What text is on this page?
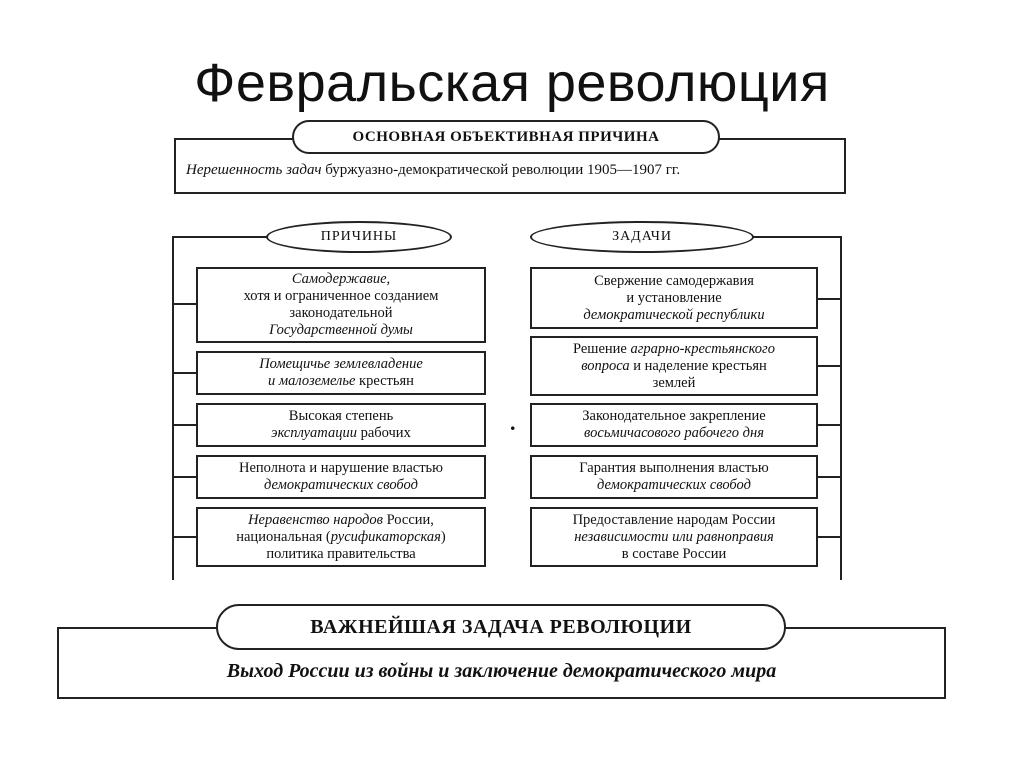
Февральская революция
ОСНОВНАЯ ОБЪЕКТИВНАЯ ПРИЧИНА
Нерешенность задач буржуазно-демократической революции 1905—1907 гг.
ПРИЧИНЫ	ЗАДАЧИ
Самодержавие,
хотя и ограниченное созданием
законодательной
Государственной думы
Помещичье землевладение
и малоземелье крестьян
Высокая степень
эксплуатации рабочих
Неполнота и нарушение властью
демократических свобод
Неравенство народов России,
национальная (русификаторская)
политика правительства
Свержение самодержавия
и установление
демократической республики
Решение аграрно-крестьянского
вопроса и наделение крестьян
землей
Законодательное закрепление
восьмичасового рабочего дня
Гарантия выполнения властью
демократических свобод
Предоставление народам России
независимости или равноправия
в составе России
.
ВАЖНЕЙШАЯ ЗАДАЧА РЕВОЛЮЦИИ
Выход России из войны и заключение демократического мира
